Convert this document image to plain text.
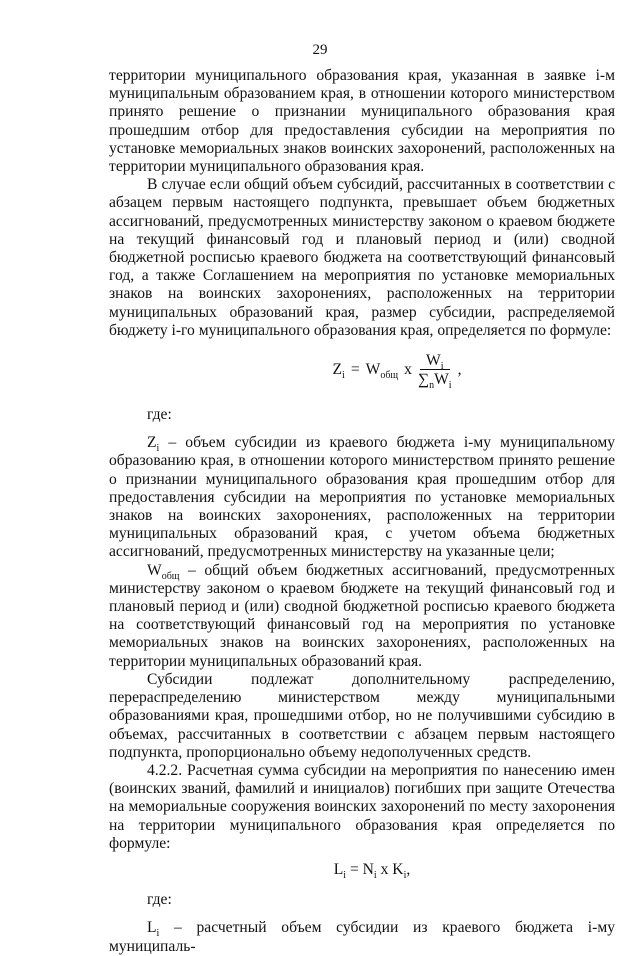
29

территории муниципального образования края, указанная в заявке i-м муниципальным образованием края, в отношении которого министерством принято решение о признании муниципального образования края прошедшим отбор для предоставления субсидии на мероприятия по установке мемориальных знаков воинских захоронений, расположенных на территории муниципального образования края.

В случае если общий объем субсидий, рассчитанных в соответствии с абзацем первым настоящего подпункта, превышает объем бюджетных ассигнований, предусмотренных министерству законом о краевом бюджете на текущий финансовый год и плановый период и (или) сводной бюджетной росписью краевого бюджета на соответствующий финансовый год, а также Соглашением на мероприятия по установке мемориальных знаков на воинских захоронениях, расположенных на территории муниципальных образований края, размер субсидии, распределяемой бюджету i-го муниципального образования края, определяется по формуле:

$Z_i = W_{общ}$ x $\frac{W_i}{\sum_nW_i}$ ,
где:

$Z_i$ – объем субсидии из краевого бюджета i-му муниципальному образованию края, в отношении которого министерством принято решение о признании муниципального образования края прошедшим отбор для предоставления субсидии на мероприятия по установке мемориальных знаков на воинских захоронениях, расположенных на территории муниципальных образований края, с учетом объема бюджетных ассигнований, предусмотренных министерству на указанные цели;

$W_{общ}$ – общий объем бюджетных ассигнований, предусмотренных министерству законом о краевом бюджете на текущий финансовый год и плановый период и (или) сводной бюджетной росписью краевого бюджета на соответствующий финансовый год на мероприятия по установке мемориальных знаков на воинских захоронениях, расположенных на территории муниципальных образований края.

Субсидии подлежат дополнительному распределению, перераспределению министерством между муниципальными образованиями края, прошедшими отбор, но не получившими субсидию в объемах, рассчитанных в соответствии с абзацем первым настоящего подпункта, пропорционально объему недополученных средств.

4.2.2. Расчетная сумма субсидии на мероприятия по нанесению имен (воинских званий, фамилий и инициалов) погибших при защите Отечества на мемориальные сооружения воинских захоронений по месту захоронения на территории муниципального образования края определяется по формуле:

$L_i = N_i$ x $K_i$,
где:

$L_i$ – расчетный объем субсидии из краевого бюджета i-му муниципаль-
